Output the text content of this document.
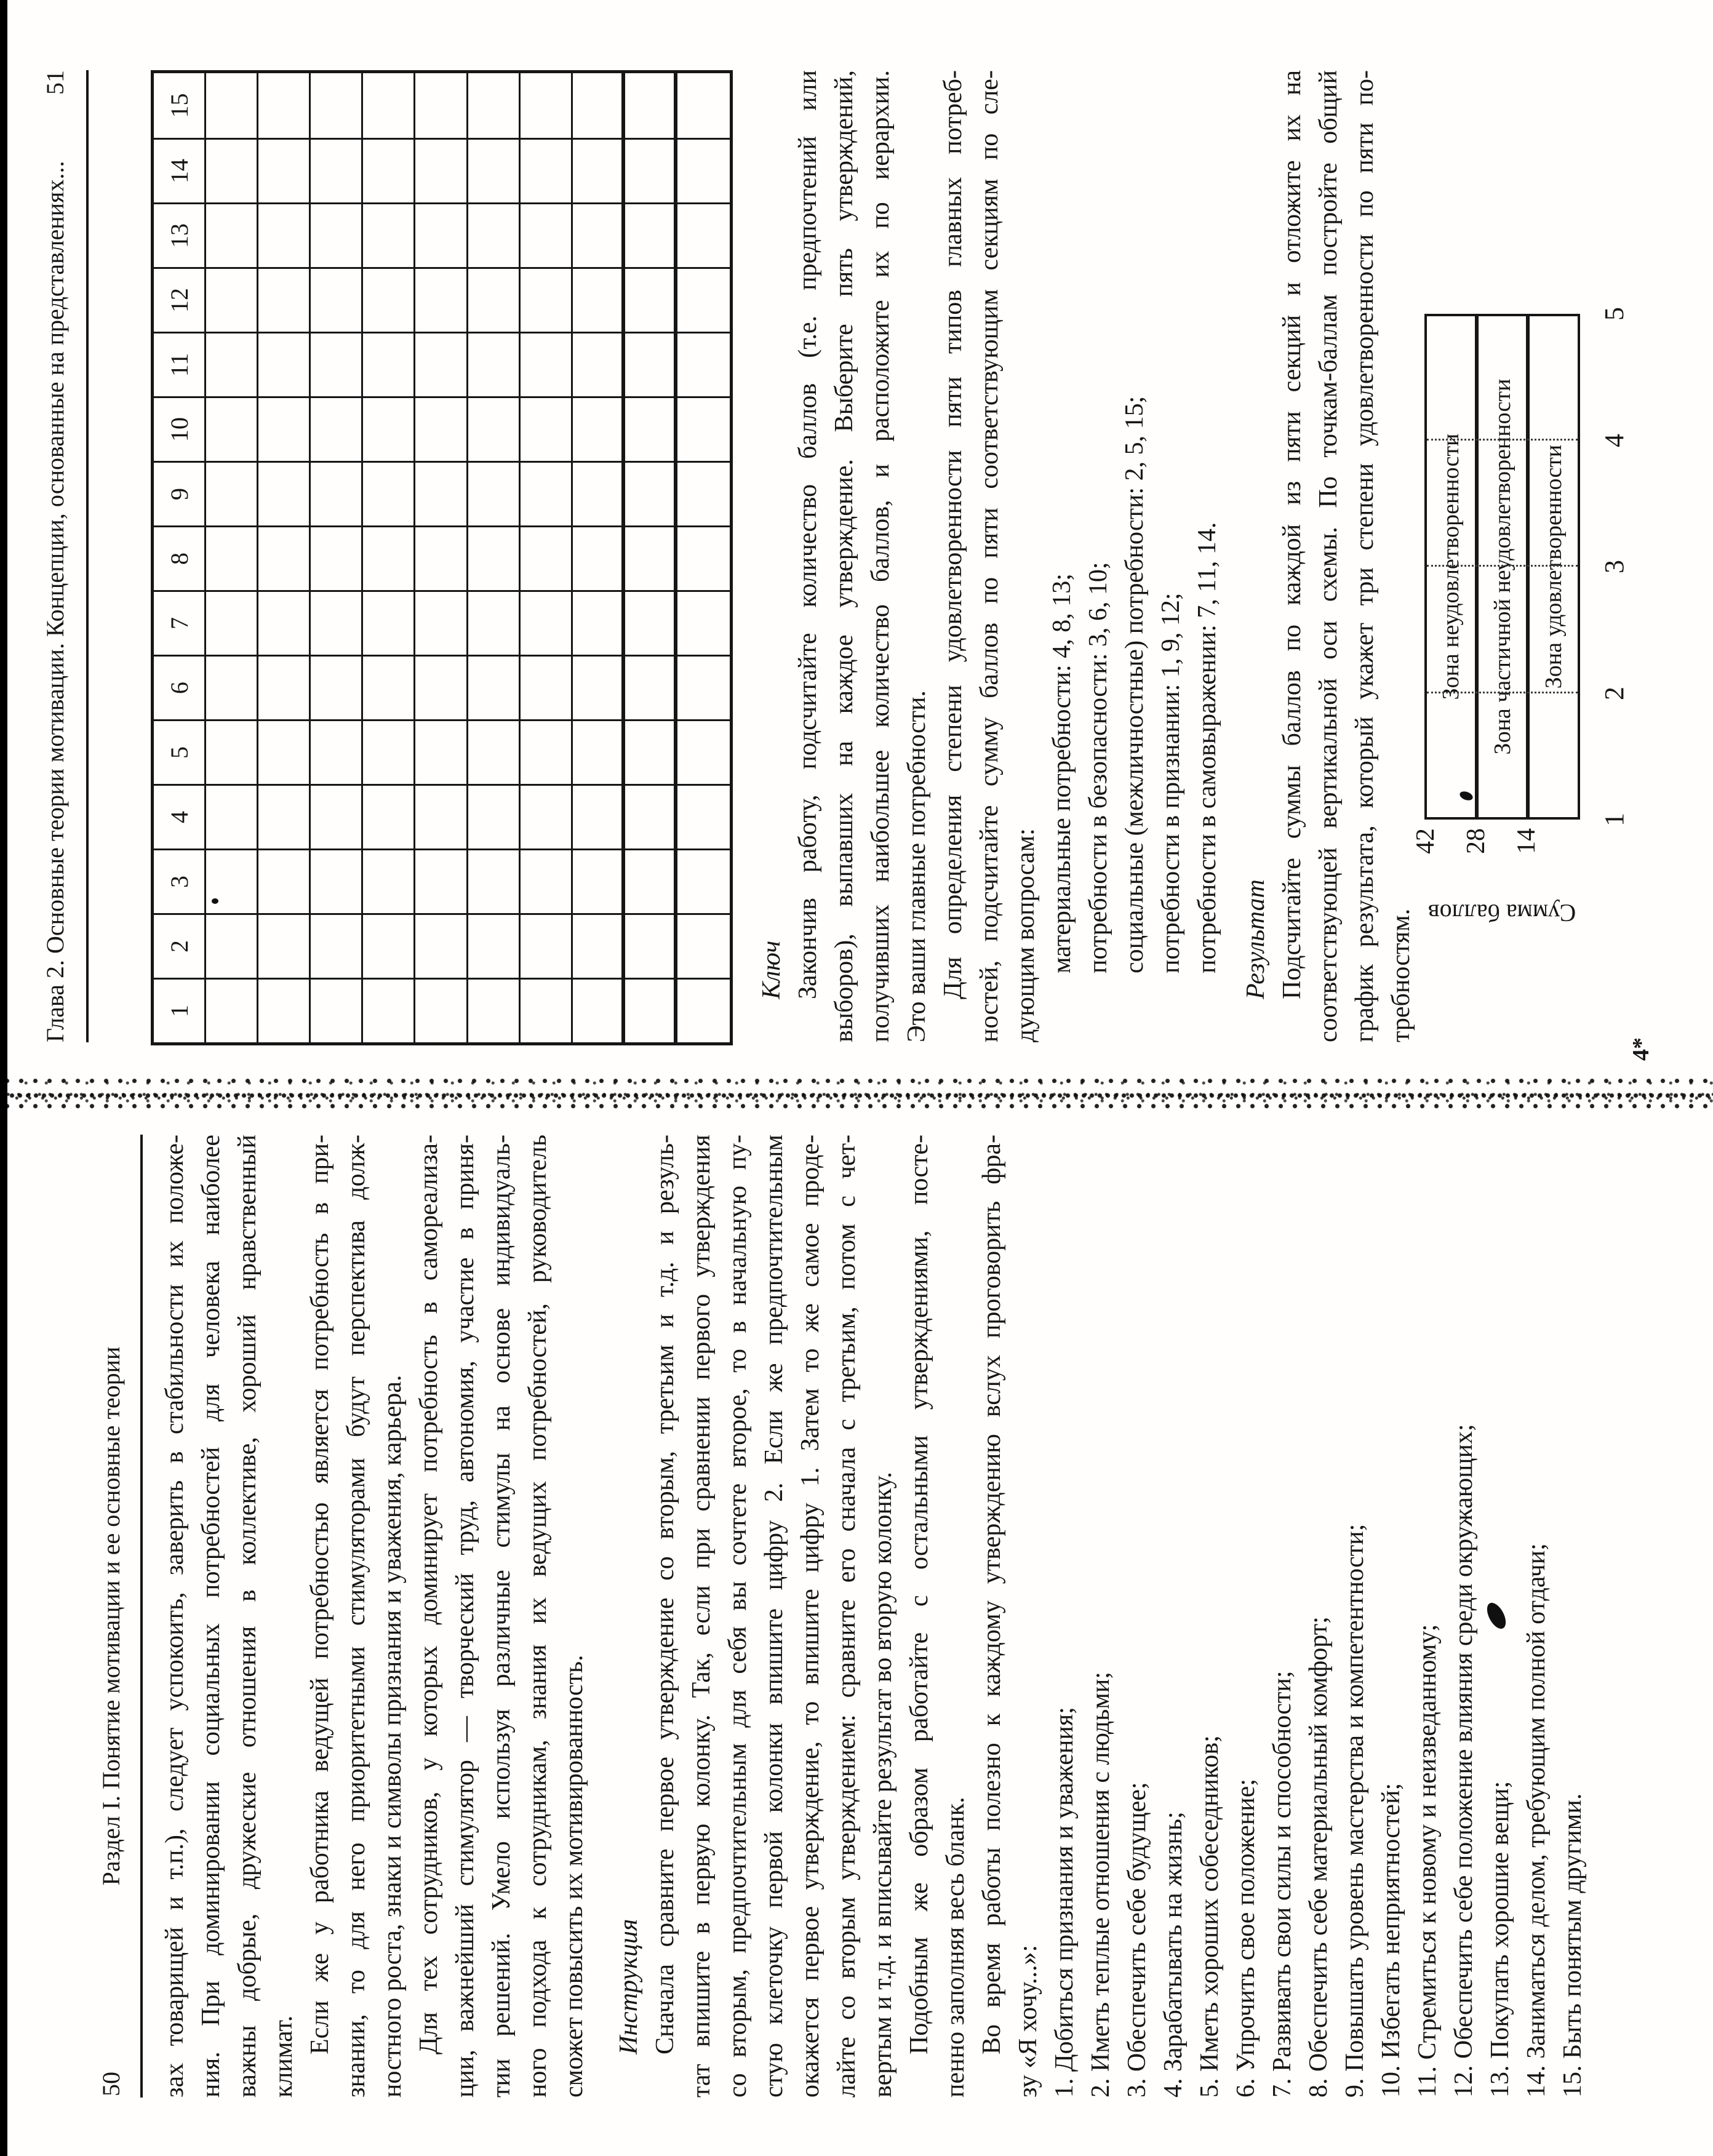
50
Раздел I. Понятие мотивации и ее основные теории зах товарищей и т.п.), следует успокоить, заверить в стабильности их положе- ния. При доминировании социальных потребностей для человека наиболее важны добрые, дружеские отношения в коллективе, хороший нравственный климат.
Если же у работника ведущей потребностью является потребность в при- знании, то для него приоритетными стимуляторами будут перспектива долж- ностного роста, знаки и символы признания и уважения, карьера. Для тех сотрудников, у которых доминирует потребность в самореализа- ции, важнейший стимулятор — творческий труд, автономия, участие в приня- тии решений. Умело используя различные стимулы на основе индивидуаль- ного подхода к сотрудникам, знания их ведущих потребностей, руководитель сможет повысить их мотивированность. Инструкция Сначала сравните первое утверждение со вторым, третьим и т.д. и резуль- тат впишите в первую колонку. Так, если при сравнении первого утверждения со вторым, предпочтительным для себя вы сочтете второе, то в начальную пу- стую клеточку первой колонки впишите цифру 2. Если же предпочтительным окажется первое утверждение, то впишите цифру 1. Затем то же самое проде- лайте со вторым утверждением: сравните его сначала с третьим, потом с чет- вертым и т.д. и вписывайте результат во вторую колонку. Подобным же образом работайте с остальными утверждениями, посте- пенно заполняя весь бланк. Во время работы полезно к каждому утверждению вслух проговорить фра- зу «Я хочу...»: 1. Добиться признания и уважения; 2. Иметь теплые отношения с людьми; 3. Обеспечить себе будущее; 4. Зарабатывать на жизнь; 5. Иметь хороших собеседников; 6. Упрочить свое положение; 7. Развивать свои силы и способности; 8. Обеспечить себе материальный комфорт; 9. Повышать уровень мастерства и компетентности; 10. Избегать неприятностей; 11. Стремиться к новому и неизведанному; 12. Обеспечить себе положение влияния среди окружающих; 13. Покупать хорошие вещи; 14. Заниматься делом, требующим полной отдачи; 15. Быть понятым другими.
Глава 2. Основные теории мотивации. Концепции, основанные на представлениях...
51
1
2
3
4
5
6
7
8
9
10
11
12
13
14
15
Ключ Закончив работу, подсчитайте количество баллов (т.е. предпочтений или выборов), выпавших на каждое утверждение. Выберите пять утверждений, получивших наибольшее количество баллов, и расположите их по иерархии. Это ваши главные потребности. Для определения степени удовлетворенности пяти типов главных потреб- ностей, подсчитайте сумму баллов по пяти соответствующим секциям по сле- дующим вопросам: материальные потребности: 4, 8, 13; потребности в безопасности: 3, 6, 10; социальные (межличностные) потребности: 2, 5, 15; потребности в признании: 1, 9, 12; потребности в самовыражении: 7, 11, 14. Результат Подсчитайте суммы баллов по каждой из пяти секций и отложите их на соответствующей вертикальной оси схемы. По точкам-баллам постройте общий график результата, который укажет три степени удовлетворенности по пяти по- требностям. Сумма баллов
42 28 14
Зона неудовлетворенности Зона частичной неудовлетворенности Зона удовлетворенности
1
2
3
4
5
4*
